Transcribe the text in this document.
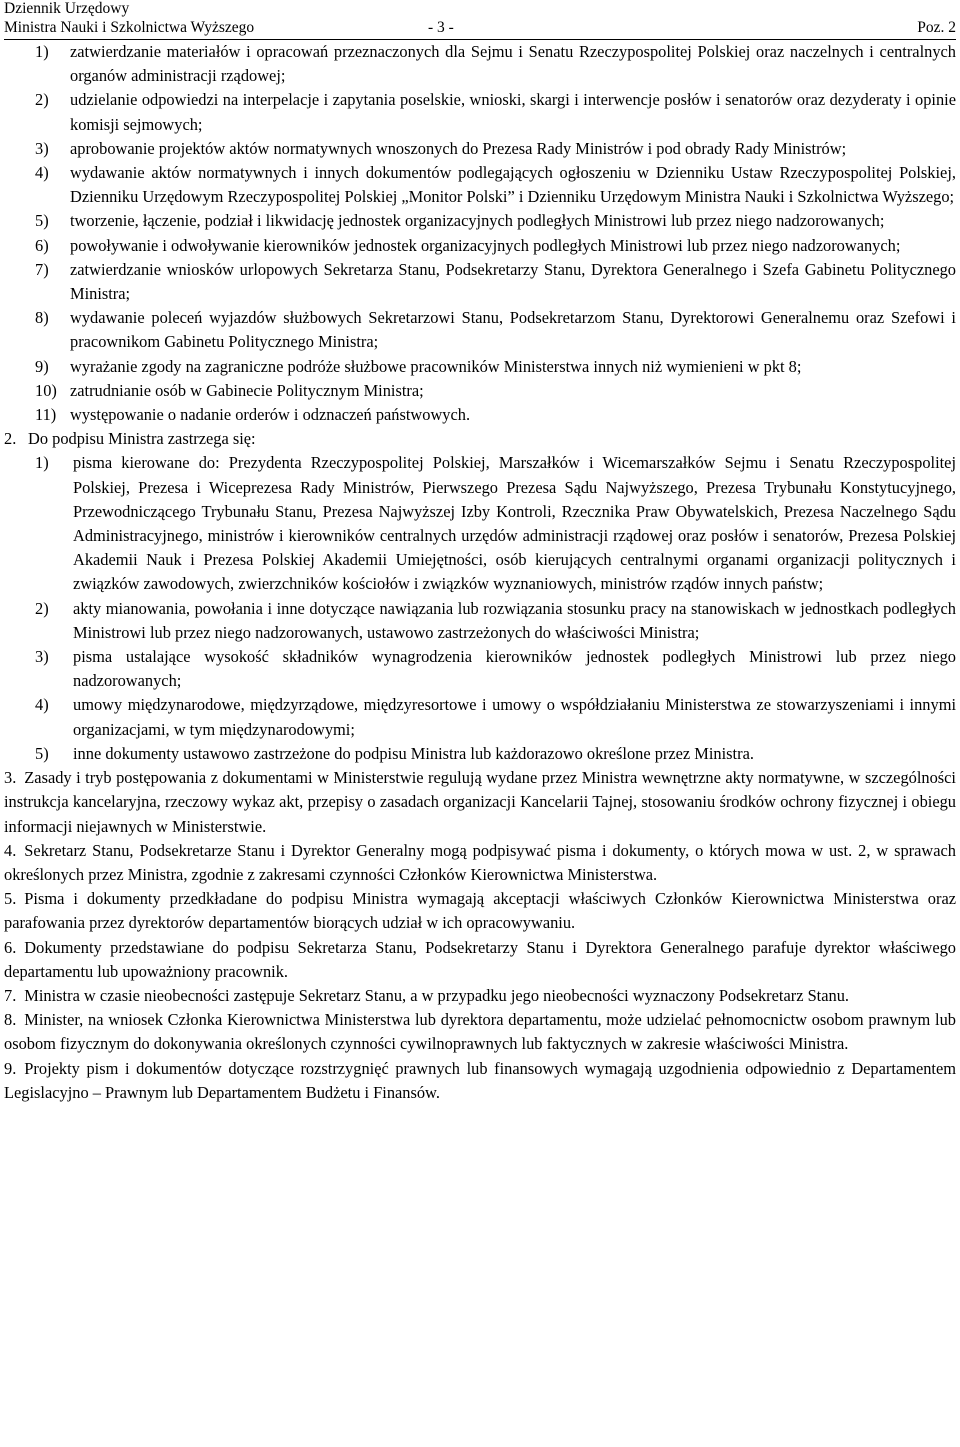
Dziennik Urzędowy
Ministra Nauki i Szkolnictwa Wyższego	- 3 -	Poz. 2
1)	zatwierdzanie materiałów i opracowań przeznaczonych dla Sejmu i Senatu Rzeczypospolitej Polskiej oraz naczelnych i centralnych organów administracji rządowej;
2)	udzielanie odpowiedzi na interpelacje i zapytania poselskie, wnioski, skargi i interwencje posłów i senatorów oraz dezyderaty i opinie komisji sejmowych;
3)	aprobowanie projektów aktów normatywnych wnoszonych do Prezesa Rady Ministrów i pod obrady Rady Ministrów;
4)	wydawanie aktów normatywnych i innych dokumentów podlegających ogłoszeniu w Dzienniku Ustaw Rzeczypospolitej Polskiej, Dzienniku Urzędowym Rzeczypospolitej Polskiej „Monitor Polski” i Dzienniku Urzędowym Ministra Nauki i Szkolnictwa Wyższego;
5)	tworzenie, łączenie, podział i likwidację jednostek organizacyjnych podległych Ministrowi lub przez niego nadzorowanych;
6)	powoływanie i odwoływanie kierowników jednostek organizacyjnych podległych Ministrowi lub przez niego nadzorowanych;
7)	zatwierdzanie wniosków urlopowych Sekretarza Stanu, Podsekretarzy Stanu, Dyrektora Generalnego i Szefa Gabinetu Politycznego Ministra;
8)	wydawanie poleceń wyjazdów służbowych Sekretarzowi Stanu, Podsekretarzom Stanu, Dyrektorowi Generalnemu oraz Szefowi i pracownikom Gabinetu Politycznego Ministra;
9)	wyrażanie zgody na zagraniczne podróże służbowe pracowników Ministerstwa innych niż wymienieni w pkt 8;
10) zatrudnianie osób w Gabinecie Politycznym Ministra;
11) występowanie o nadanie orderów i odznaczeń państwowych.
2. Do podpisu Ministra zastrzega się:
1)	pisma kierowane do: Prezydenta Rzeczypospolitej Polskiej, Marszałków i Wicemarszałków Sejmu i Senatu Rzeczypospolitej Polskiej, Prezesa i Wiceprezesa Rady Ministrów, Pierwszego Prezesa Sądu Najwyższego, Prezesa Trybunału Konstytucyjnego, Przewodniczącego Trybunału Stanu, Prezesa Najwyższej Izby Kontroli, Rzecznika Praw Obywatelskich, Prezesa Naczelnego Sądu Administracyjnego, ministrów i kierowników centralnych urzędów administracji rządowej oraz posłów i senatorów, Prezesa Polskiej Akademii Nauk i Prezesa Polskiej Akademii Umiejętności, osób kierujących centralnymi organami organizacji politycznych i związków zawodowych, zwierzchników kościołów i związków wyznaniowych, ministrów rządów innych państw;
2)	akty mianowania, powołania i inne dotyczące nawiązania lub rozwiązania stosunku pracy na stanowiskach w jednostkach podległych Ministrowi lub przez niego nadzorowanych, ustawowo zastrzeżonych do właściwości Ministra;
3)	pisma ustalające wysokość składników wynagrodzenia kierowników jednostek podległych Ministrowi lub przez niego nadzorowanych;
4)	umowy międzynarodowe, międzyrządowe, międzyresortowe i umowy o współdziałaniu Ministerstwa ze stowarzyszeniami i innymi organizacjami, w tym międzynarodowymi;
5)	inne dokumenty ustawowo zastrzeżone do podpisu Ministra lub każdorazowo określone przez Ministra.
3. Zasady i tryb postępowania z dokumentami w Ministerstwie regulują wydane przez Ministra wewnętrzne akty normatywne, w szczególności instrukcja kancelaryjna, rzeczowy wykaz akt, przepisy o zasadach organizacji Kancelarii Tajnej, stosowaniu środków ochrony fizycznej i obiegu informacji niejawnych w Ministerstwie.
4. Sekretarz Stanu, Podsekretarze Stanu i Dyrektor Generalny mogą podpisywać pisma i dokumenty, o których mowa w ust. 2, w sprawach określonych przez Ministra, zgodnie z zakresami czynności Członków Kierownictwa Ministerstwa.
5. Pisma i dokumenty przedkładane do podpisu Ministra wymagają akceptacji właściwych Członków Kierownictwa Ministerstwa oraz parafowania przez dyrektorów departamentów biorących udział w ich opracowywaniu.
6. Dokumenty przedstawiane do podpisu Sekretarza Stanu, Podsekretarzy Stanu i Dyrektora Generalnego parafuje dyrektor właściwego departamentu lub upoważniony pracownik.
7. Ministra w czasie nieobecności zastępuje Sekretarz Stanu, a w przypadku jego nieobecności wyznaczony Podsekretarz Stanu.
8. Minister, na wniosek Członka Kierownictwa Ministerstwa lub dyrektora departamentu, może udzielać pełnomocnictw osobom prawnym lub osobom fizycznym do dokonywania określonych czynności cywilnoprawnych lub faktycznych w zakresie właściwości Ministra.
9. Projekty pism i dokumentów dotyczące rozstrzygnięć prawnych lub finansowych wymagają uzgodnienia odpowiednio z Departamentem Legislacyjno – Prawnym lub Departamentem Budżetu i Finansów.
